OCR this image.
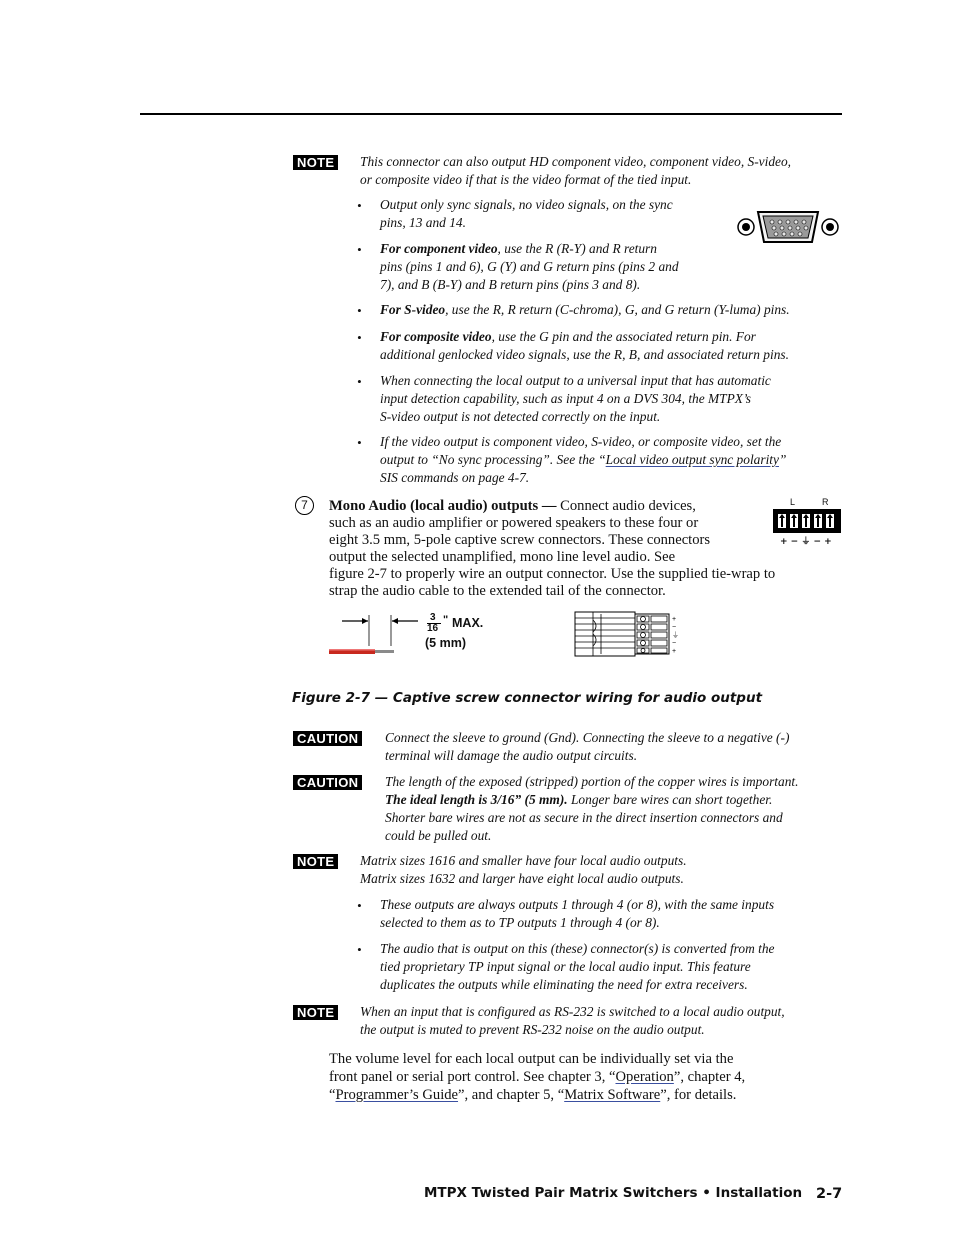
NOTE This connector can also output HD component video, component video, S-video,
or composite video if that is the video format of the tied input.
• Output only sync signals, no video signals, on the sync
pins, 13 and 14.
• For component video, use the R (R-Y) and R return
pins (pins 1 and 6), G (Y) and G return pins (pins 2 and
7), and B (B-Y) and B return pins (pins 3 and 8).
• For S-video, use the R, R return (C-chroma), G, and G return (Y-luma) pins.
• For composite video, use the G pin and the associated return pin. For
additional genlocked video signals, use the R, B, and associated return pins.
• When connecting the local output to a universal input that has automatic
input detection capability, such as input 4 on a DVS 304, the MTPX’s
S-video output is not detected correctly on the input.
• If the video output is component video, S-video, or composite video, set the
output to “No sync processing”. See the “Local video output sync polarity”
SIS commands on page 4-7.
7	Mono Audio (local audio) outputs — Connect audio devices,
such as an audio amplifier or powered speakers to these four or
eight 3.5 mm, 5-pole captive screw connectors. These connectors
output the selected unamplified, mono line level audio. See
figure 2-7 to properly wire an output connector. Use the supplied tie-wrap to
strap the audio cable to the extended tail of the connector.
L	R
+ − ⏚ − +
3
16
" MAX.
(5 mm)
+
−
⏚
−
+
Figure 2-7 — Captive screw connector wiring for audio output
CAUTION Connect the sleeve to ground (Gnd). Connecting the sleeve to a negative (-)
terminal will damage the audio output circuits.
CAUTION The length of the exposed (stripped) portion of the copper wires is important.
The ideal length is 3/16” (5 mm). Longer bare wires can short together.
Shorter bare wires are not as secure in the direct insertion connectors and
could be pulled out.
NOTE Matrix sizes 1616 and smaller have four local audio outputs.
Matrix sizes 1632 and larger have eight local audio outputs.
• These outputs are always outputs 1 through 4 (or 8), with the same inputs
selected to them as to TP outputs 1 through 4 (or 8).
• The audio that is output on this (these) connector(s) is converted from the
tied proprietary TP input signal or the local audio input. This feature
duplicates the outputs while eliminating the need for extra receivers.
NOTE When an input that is configured as RS-232 is switched to a local audio output,
the output is muted to prevent RS-232 noise on the audio output.
The volume level for each local output can be individually set via the
front panel or serial port control. See chapter 3, “Operation”, chapter 4,
“Programmer’s Guide”, and chapter 5, “Matrix Software”, for details.
MTPX Twisted Pair Matrix Switchers • Installation 2-7
